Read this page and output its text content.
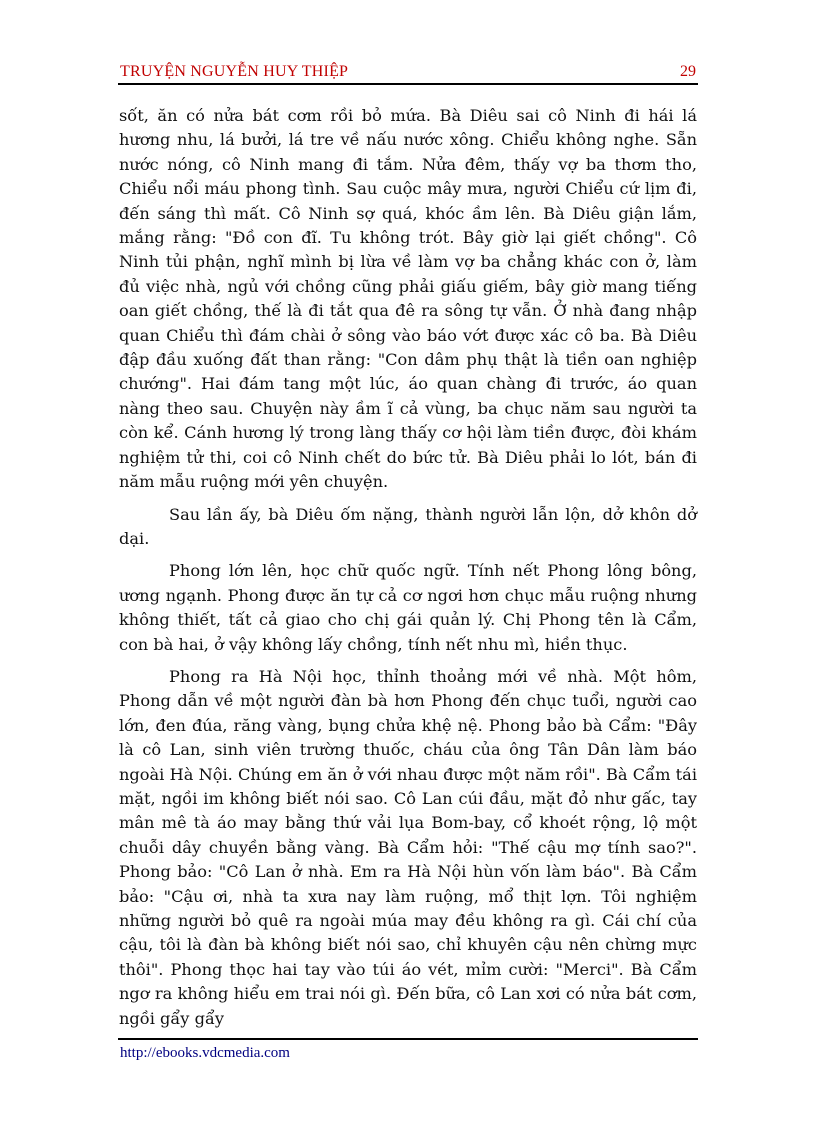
TRUYỆN NGUYỄN HUY THIỆP	29

sốt, ăn có nửa bát cơm rồi bỏ mứa. Bà Diêu sai cô Ninh đi hái lá hương nhu, lá bưởi, lá tre về nấu nước xông. Chiểu không nghe. Sẵn nước nóng, cô Ninh mang đi tắm. Nửa đêm, thấy vợ ba thơm tho, Chiểu nổi máu phong tình. Sau cuộc mây mưa, người Chiểu cứ lịm đi, đến sáng thì mất. Cô Ninh sợ quá, khóc ầm lên. Bà Diêu giận lắm, mắng rằng: "Đồ con đĩ. Tu không trót. Bây giờ lại giết chồng". Cô Ninh tủi phận, nghĩ mình bị lừa về làm vợ ba chẳng khác con ở, làm đủ việc nhà, ngủ với chồng cũng phải giấu giếm, bây giờ mang tiếng oan giết chồng, thế là đi tắt qua đê ra sông tự vẫn. Ở nhà đang nhập quan Chiểu thì đám chài ở sông vào báo vớt được xác cô ba. Bà Diêu đập đầu xuống đất than rằng: "Con dâm phụ thật là tiền oan nghiệp chướng". Hai đám tang một lúc, áo quan chàng đi trước, áo quan nàng theo sau. Chuyện này ầm ĩ cả vùng, ba chục năm sau người ta còn kể. Cánh hương lý trong làng thấy cơ hội làm tiền được, đòi khám nghiệm tử thi, coi cô Ninh chết do bức tử. Bà Diêu phải lo lót, bán đi năm mẫu ruộng mới yên chuyện.

Sau lần ấy, bà Diêu ốm nặng, thành người lẫn lộn, dở khôn dở dại.

Phong lớn lên, học chữ quốc ngữ. Tính nết Phong lông bông, ương ngạnh. Phong được ăn tự cả cơ ngơi hơn chục mẫu ruộng nhưng không thiết, tất cả giao cho chị gái quản lý. Chị Phong tên là Cẩm, con bà hai, ở vậy không lấy chồng, tính nết nhu mì, hiền thục.

Phong ra Hà Nội học, thỉnh thoảng mới về nhà. Một hôm, Phong dẫn về một người đàn bà hơn Phong đến chục tuổi, người cao lớn, đen đúa, răng vàng, bụng chửa khệ nệ. Phong bảo bà Cẩm: "Đây là cô Lan, sinh viên trường thuốc, cháu của ông Tân Dân làm báo ngoài Hà Nội. Chúng em ăn ở với nhau được một năm rồi". Bà Cẩm tái mặt, ngồi im không biết nói sao. Cô Lan cúi đầu, mặt đỏ như gấc, tay mân mê tà áo may bằng thứ vải lụa Bom-bay, cổ khoét rộng, lộ một chuỗi dây chuyền bằng vàng. Bà Cẩm hỏi: "Thế cậu mợ tính sao?". Phong bảo: "Cô Lan ở nhà. Em ra Hà Nội hùn vốn làm báo". Bà Cẩm bảo: "Cậu ơi, nhà ta xưa nay làm ruộng, mổ thịt lợn. Tôi nghiệm những người bỏ quê ra ngoài múa may đều không ra gì. Cái chí của cậu, tôi là đàn bà không biết nói sao, chỉ khuyên cậu nên chừng mực thôi". Phong thọc hai tay vào túi áo vét, mỉm cười: "Merci". Bà Cẩm ngơ ra không hiểu em trai nói gì. Đến bữa, cô Lan xơi có nửa bát cơm, ngồi gẩy gẩy

http://ebooks.vdcmedia.com
